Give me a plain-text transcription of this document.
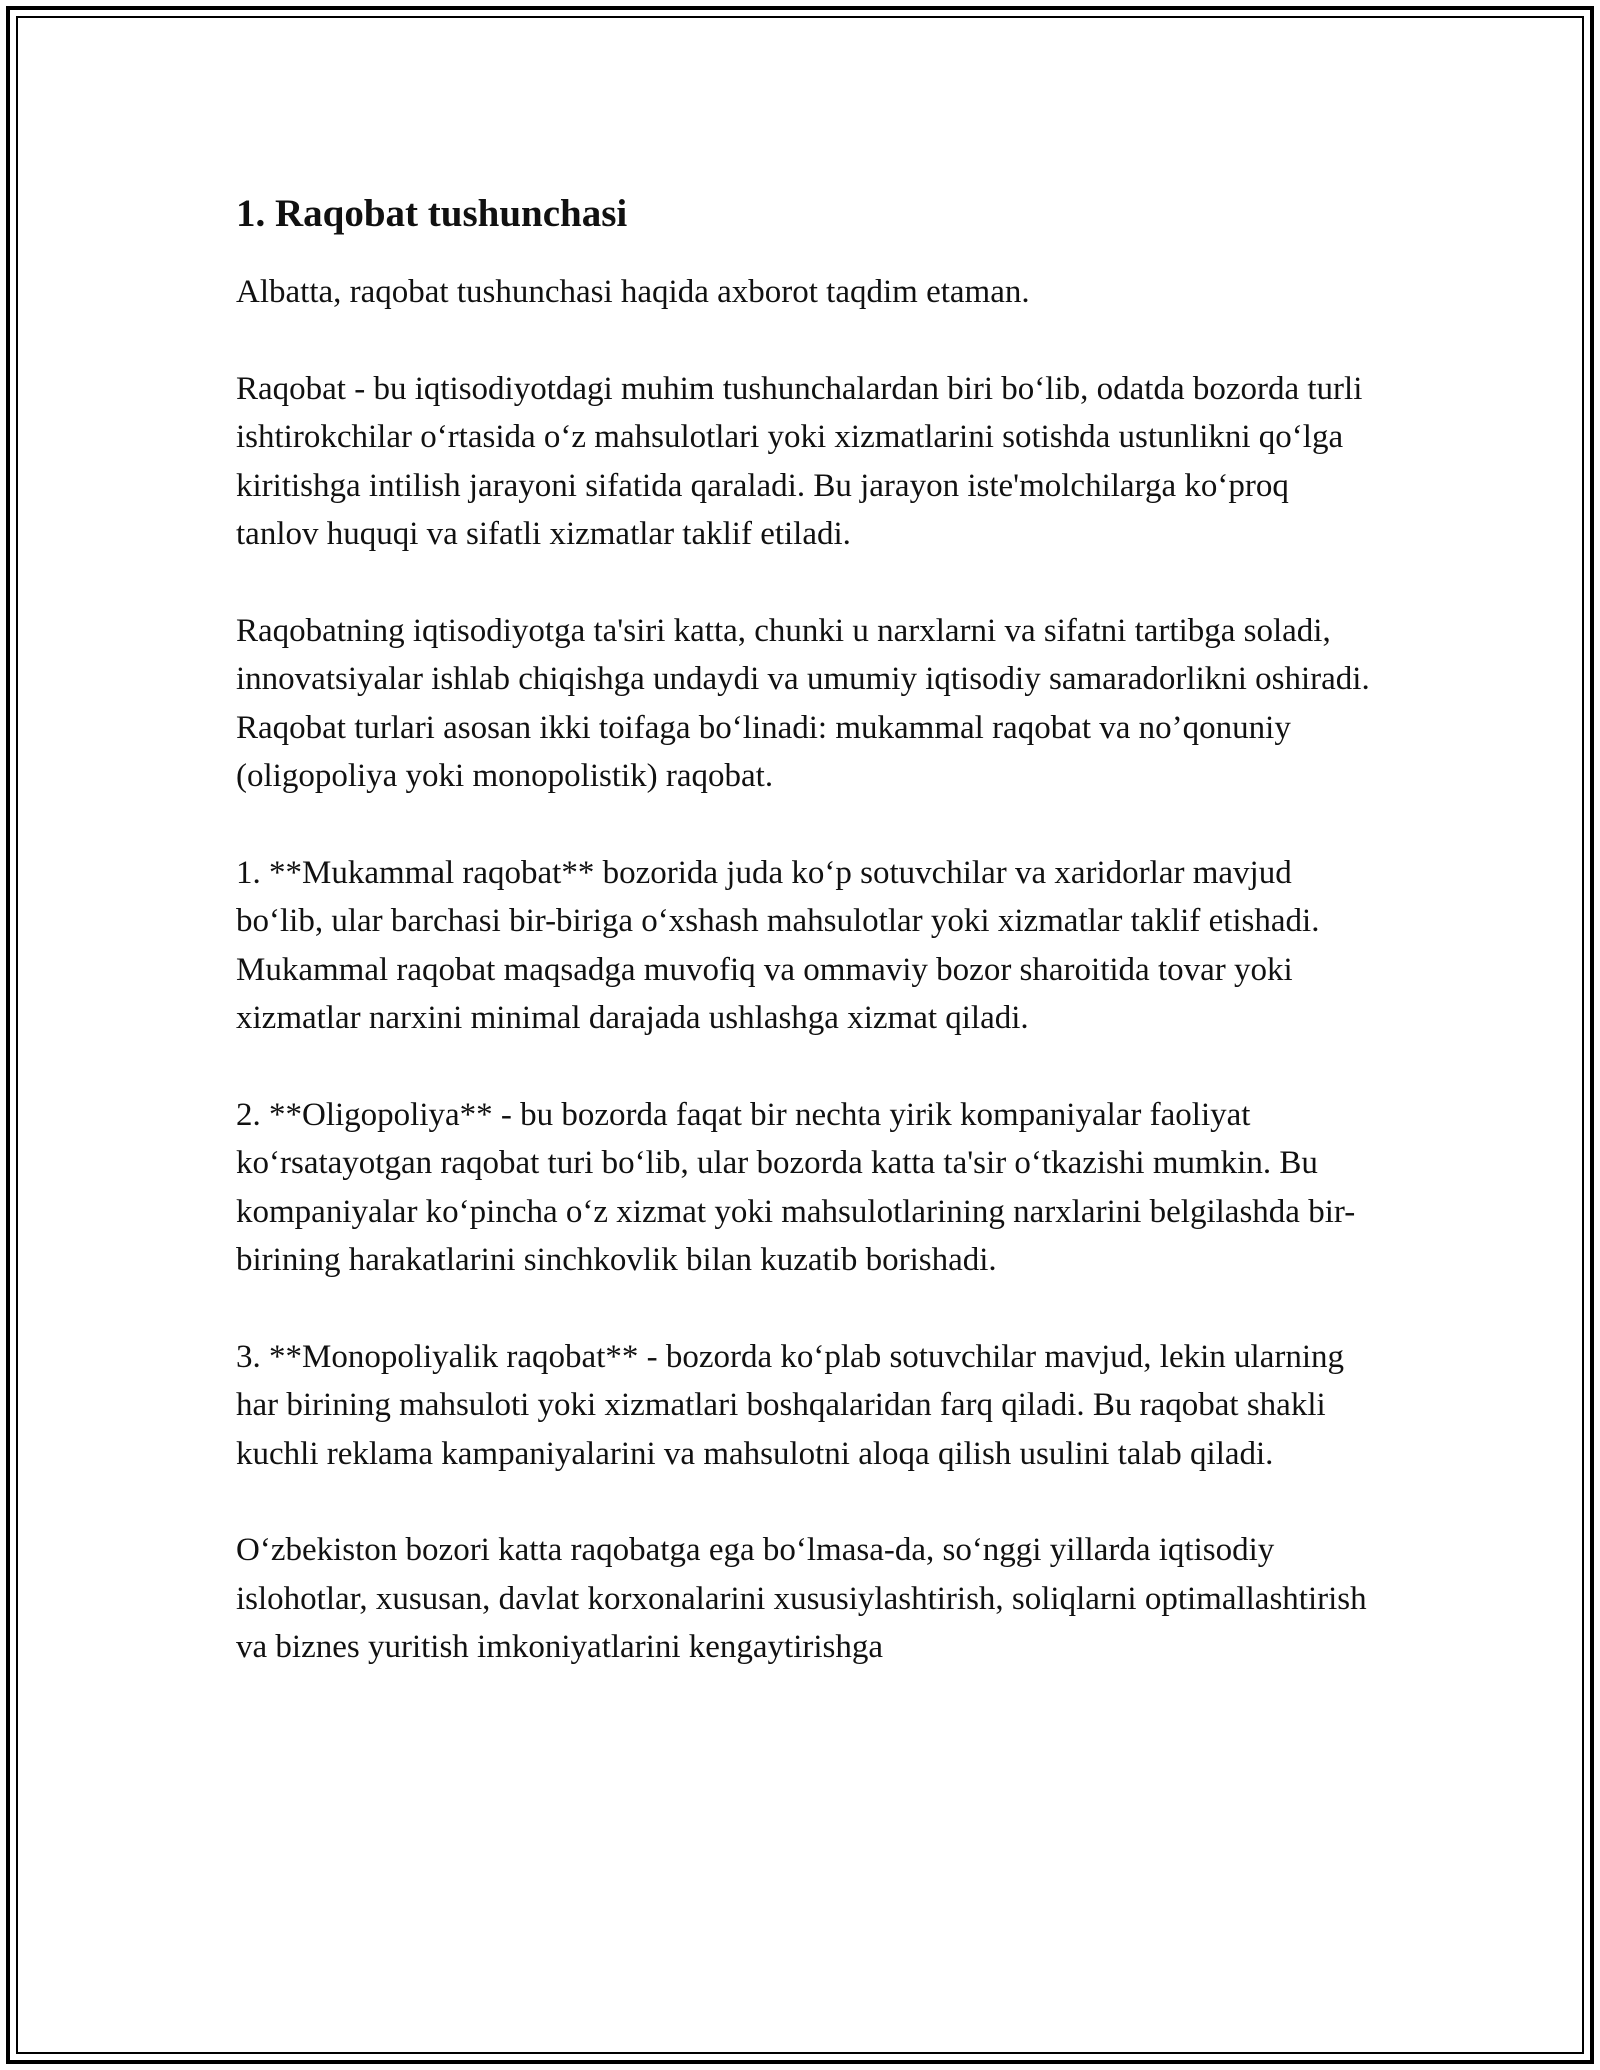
1. Raqobat tushunchasi

Albatta, raqobat tushunchasi haqida axborot taqdim etaman.

Raqobat - bu iqtisodiyotdagi muhim tushunchalardan biri bo‘lib, odatda bozorda turli ishtirokchilar o‘rtasida o‘z mahsulotlari yoki xizmatlarini sotishda ustunlikni qo‘lga kiritishga intilish jarayoni sifatida qaraladi. Bu jarayon iste'molchilarga ko‘proq tanlov huquqi va sifatli xizmatlar taklif etiladi.

Raqobatning iqtisodiyotga ta'siri katta, chunki u narxlarni va sifatni tartibga soladi, innovatsiyalar ishlab chiqishga undaydi va umumiy iqtisodiy samaradorlikni oshiradi. Raqobat turlari asosan ikki toifaga bo‘linadi: mukammal raqobat va no’qonuniy (oligopoliya yoki monopolistik) raqobat.

1. **Mukammal raqobat** bozorida juda ko‘p sotuvchilar va xaridorlar mavjud bo‘lib, ular barchasi bir-biriga o‘xshash mahsulotlar yoki xizmatlar taklif etishadi. Mukammal raqobat maqsadga muvofiq va ommaviy bozor sharoitida tovar yoki xizmatlar narxini minimal darajada ushlashga xizmat qiladi.

2. **Oligopoliya** - bu bozorda faqat bir nechta yirik kompaniyalar faoliyat ko‘rsatayotgan raqobat turi bo‘lib, ular bozorda katta ta'sir o‘tkazishi mumkin. Bu kompaniyalar ko‘pincha o‘z xizmat yoki mahsulotlarining narxlarini belgilashda bir-birining harakatlarini sinchkovlik bilan kuzatib borishadi.

3. **Monopoliyalik raqobat** - bozorda ko‘plab sotuvchilar mavjud, lekin ularning har birining mahsuloti yoki xizmatlari boshqalaridan farq qiladi. Bu raqobat shakli kuchli reklama kampaniyalarini va mahsulotni aloqa qilish usulini talab qiladi.

O‘zbekiston bozori katta raqobatga ega bo‘lmasa-da, so‘nggi yillarda iqtisodiy islohotlar, xususan, davlat korxonalarini xususiylashtirish, soliqlarni optimallashtirish va biznes yuritish imkoniyatlarini kengaytirishga
